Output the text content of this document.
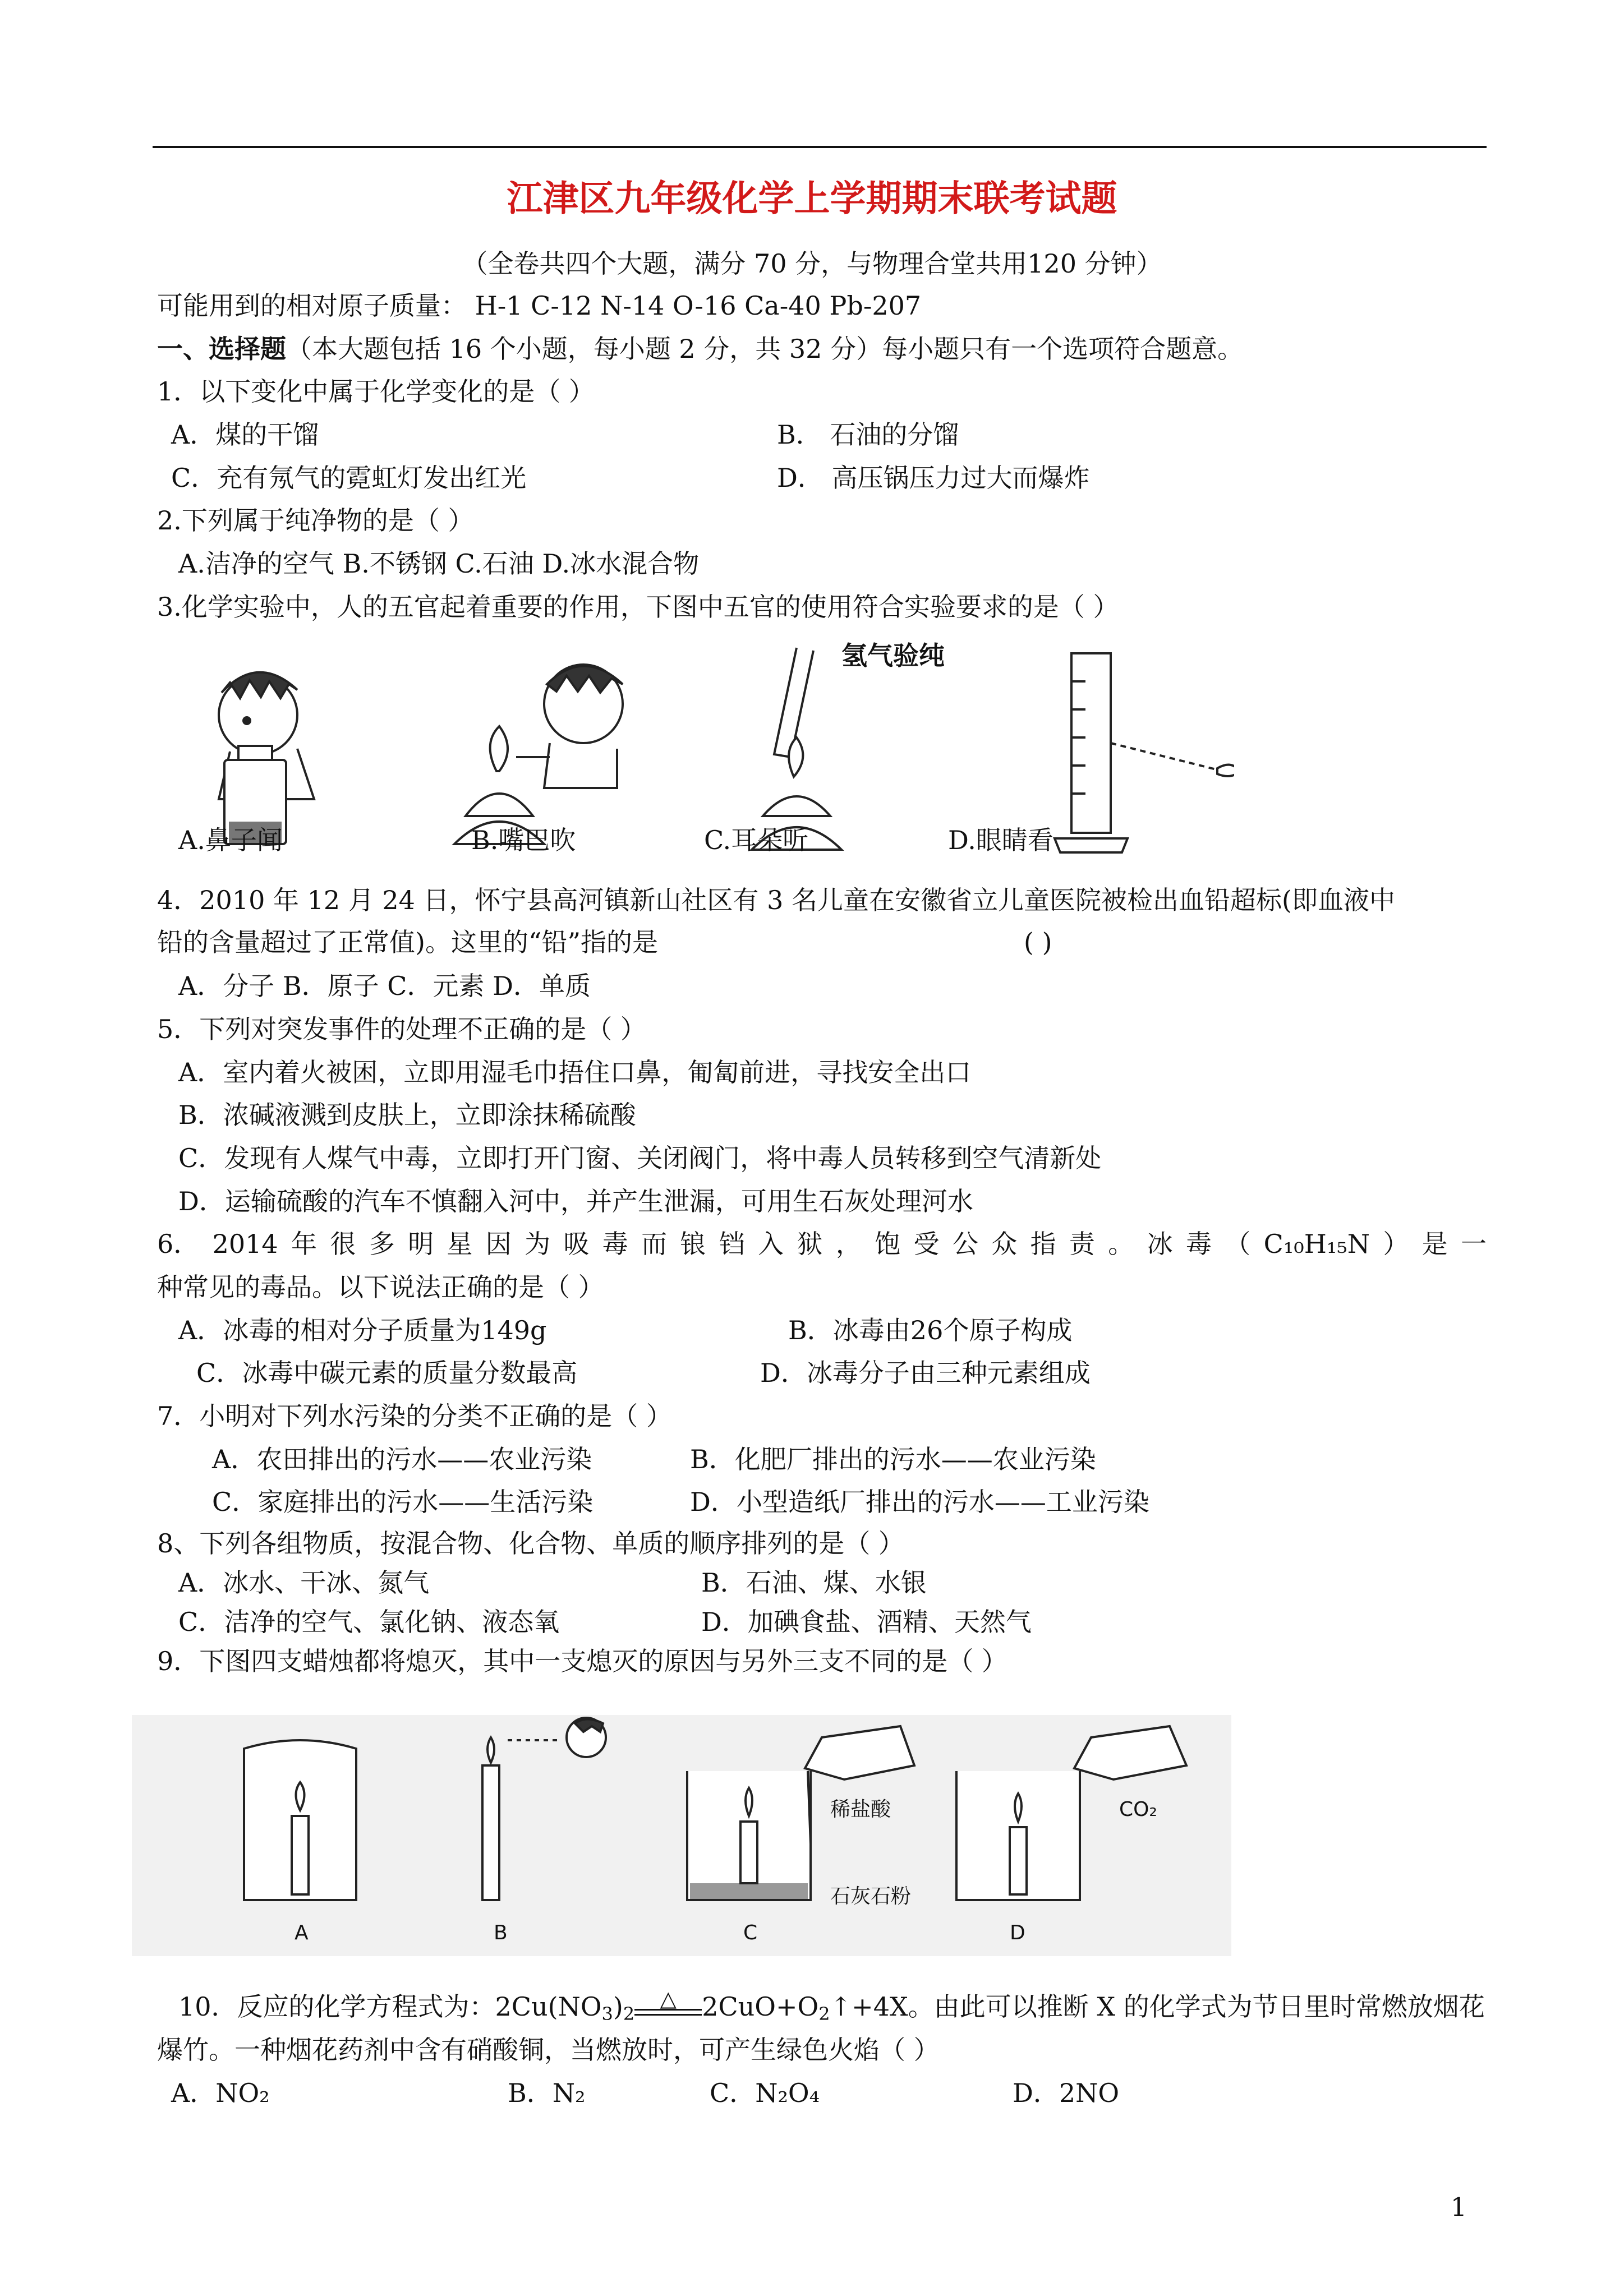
江津区九年级化学上学期期末联考试题
（全卷共四个大题，满分 70 分，与物理合堂共用120 分钟）
可能用到的相对原子质量： H-1 C-12 N-14 O-16 Ca-40 Pb-207
一、选择题（本大题包括 16 个小题，每小题 2 分，共 32 分）每小题只有一个选项符合题意。
1．以下变化中属于化学变化的是（ ）
A．煤的干馏	B． 石油的分馏
C．充有氖气的霓虹灯发出红光	D． 高压锅压力过大而爆炸
2.下列属于纯净物的是（ ）
A.洁净的空气 B.不锈钢 C.石油 D.冰水混合物
3.化学实验中，人的五官起着重要的作用，下图中五官的使用符合实验要求的是（ ）
氢气验纯
A.鼻子闻	B.嘴巴吹	C.耳朵听	D.眼睛看
4．2010 年 12 月 24 日，怀宁县高河镇新山社区有 3 名儿童在安徽省立儿童医院被检出血铅超标(即血液中
铅的含量超过了正常值)。这里的“铅”指的是	( )
A．分子 B．原子 C．元素 D．单质
5．下列对突发事件的处理不正确的是（ ）
A．室内着火被困，立即用湿毛巾捂住口鼻，匍匐前进，寻找安全出口
B．浓碱液溅到皮肤上，立即涂抹稀硫酸
C．发现有人煤气中毒，立即打开门窗、关闭阀门，将中毒人员转移到空气清新处
D．运输硫酸的汽车不慎翻入河中，并产生泄漏，可用生石灰处理河水
6． 2014 年 很 多 明 星 因 为 吸 毒 而 锒 铛 入 狱 ， 饱 受 公 众 指 责 。 冰 毒 （ C₁₀H₁₅N ） 是 一
种常见的毒品。以下说法正确的是（ ）
A．冰毒的相对分子质量为149g	B．冰毒由26个原子构成
C．冰毒中碳元素的质量分数最高	D．冰毒分子由三种元素组成
7．小明对下列水污染的分类不正确的是（ ）
A．农田排出的污水——农业污染	B．化肥厂排出的污水——农业污染
C．家庭排出的污水——生活污染	D．小型造纸厂排出的污水——工业污染
8、下列各组物质，按混合物、化合物、单质的顺序排列的是（ ）
A．冰水、干冰、氮气	B．石油、煤、水银
C．洁净的空气、氯化钠、液态氧	D．加碘食盐、酒精、天然气
9．下图四支蜡烛都将熄灭，其中一支熄灭的原因与另外三支不同的是（ ）
A	B	C	D
稀盐酸
石灰石粉
CO₂
10．反应的化学方程式为：$2Cu(NO_3)_2$
△ $2CuO+O_2↑+4X$。由此可以推断 X 的化学式为节日里时常燃放烟花
爆竹。一种烟花药剂中含有硝酸铜，当燃放时，可产生绿色火焰（ ）
A．NO₂	B．N₂	C．N₂O₄	D．2NO
1
